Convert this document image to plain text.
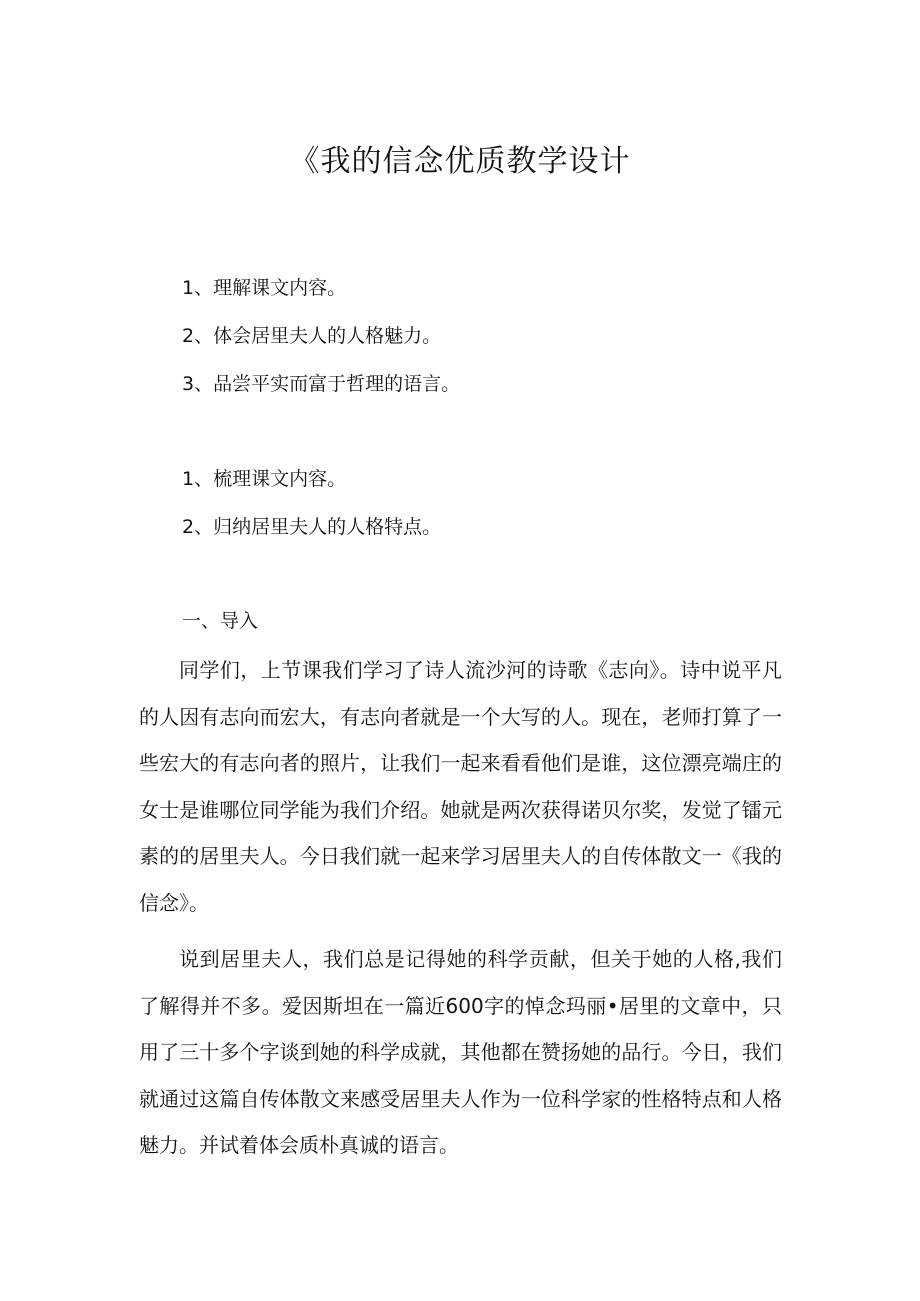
《我的信念优质教学设计
1、理解课文内容。
2、体会居里夫人的人格魅力。
3、品尝平实而富于哲理的语言。
1、梳理课文内容。
2、归纳居里夫人的人格特点。
一、导入

同学们，上节课我们学习了诗人流沙河的诗歌《志向》。诗中说平凡的人因有志向而宏大，有志向者就是一个大写的人。现在，老师打算了一些宏大的有志向者的照片，让我们一起来看看他们是谁，这位漂亮端庄的女士是谁哪位同学能为我们介绍。她就是两次获得诺贝尔奖，发觉了镭元素的的居里夫人。今日我们就一起来学习居里夫人的自传体散文一《我的信念》。

说到居里夫人，我们总是记得她的科学贡献，但关于她的人格,我们了解得并不多。爱因斯坦在一篇近600字的悼念玛丽•居里的文章中，只用了三十多个字谈到她的科学成就，其他都在赞扬她的品行。今日，我们就通过这篇自传体散文来感受居里夫人作为一位科学家的性格特点和人格魅力。并试着体会质朴真诚的语言。
